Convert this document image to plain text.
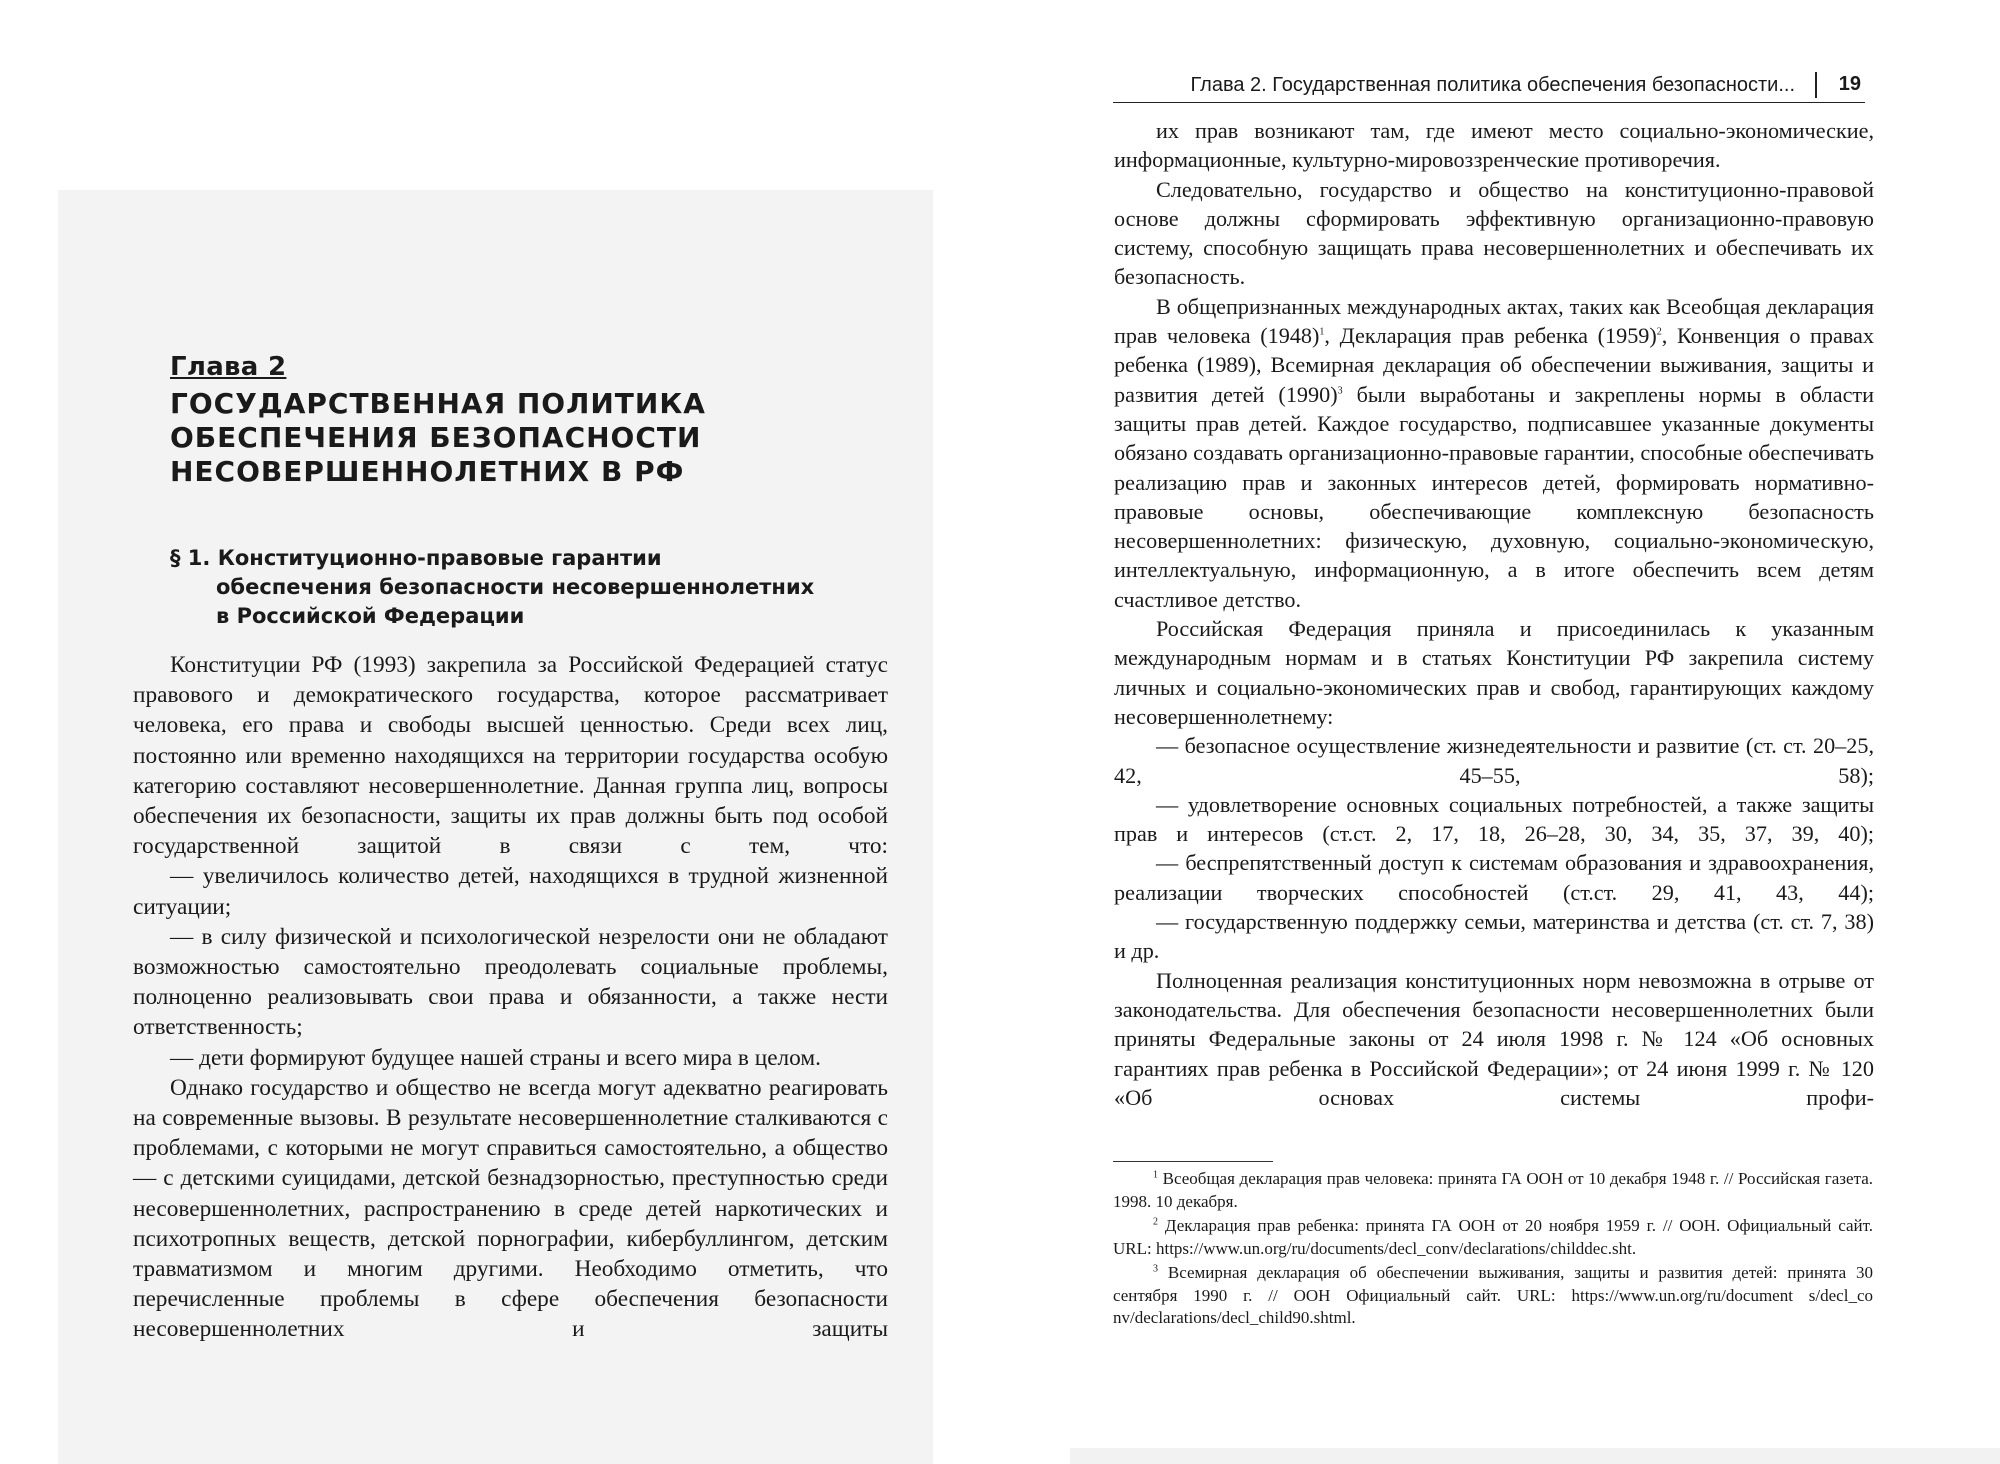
Глава 2
ГОСУДАРСТВЕННАЯ ПОЛИТИКА
ОБЕСПЕЧЕНИЯ БЕЗОПАСНОСТИ
НЕСОВЕРШЕННОЛЕТНИХ В РФ
§ 1. Конституционно-правовые гарантии
обеспечения безопасности несовершеннолетних
в Российской Федерации

Конституции РФ (1993) закрепила за Российской Федерацией статус правового и демократического государства, которое рассматривает человека, его права и свободы высшей ценностью. Среди всех лиц, постоянно или временно находящихся на территории государства особую категорию составляют несовершеннолетние. Данная группа лиц, вопросы обеспечения их безопасности, защиты их прав должны быть под особой государственной защитой в связи с тем, что:

— увеличилось количество детей, находящихся в трудной жизненной ситуации;

— в силу физической и психологической незрелости они не обладают возможностью самостоятельно преодолевать социальные проблемы, полноценно реализовывать свои права и обязанности, а также нести ответственность;

— дети формируют будущее нашей страны и всего мира в целом.

Однако государство и общество не всегда могут адекватно реагировать на современные вызовы. В результате несовершеннолетние сталкиваются с проблемами, с которыми не могут справиться самостоятельно, а общество — с детскими суицидами, детской безнадзорностью, преступностью среди несовершеннолетних, распространению в среде детей наркотических и психотропных веществ, детской порнографии, кибербуллингом, детским травматизмом и многим другими. Необходимо отметить, что перечисленные проблемы в сфере обеспечения безопасности несовершеннолетних и защиты

Глава 2. Государственная политика обеспечения безопасности... 19

их прав возникают там, где имеют место социально-экономические, информационные, культурно-мировоззренческие противоречия.

Следовательно, государство и общество на конституционно-правовой основе должны сформировать эффективную организационно-правовую систему, способную защищать права несовершеннолетних и обеспечивать их безопасность.

В общепризнанных международных актах, таких как Всеобщая декларация прав человека $(1948)^1$, Декларация прав ребенка $(1959)^2$, Конвенция о правах ребенка (1989), Всемирная декларация об обеспечении выживания, защиты и развития детей $(1990)^3$ были выработаны и закреплены нормы в области защиты прав детей. Каждое государство, подписавшее указанные документы обязано создавать организационно-правовые гарантии, способные обеспечивать реализацию прав и законных интересов детей, формировать нормативно-правовые основы, обеспечивающие комплексную безопасность несовершеннолетних: физическую, духовную, социально-экономическую, интеллектуальную, информационную, а в итоге обеспечить всем детям счастливое детство.

Российская Федерация приняла и присоединилась к указанным международным нормам и в статьях Конституции РФ закрепила систему личных и социально-экономических прав и свобод, гарантирующих каждому несовершеннолетнему:

— безопасное осуществление жизнедеятельности и развитие (ст. ст. 20–25, 42, 45–55, 58);

— удовлетворение основных социальных потребностей, а также защиты прав и интересов (ст.ст. 2, 17, 18, 26–28, 30, 34, 35, 37, 39, 40);

— беспрепятственный доступ к системам образования и здравоохранения, реализации творческих способностей (ст.ст. 29, 41, 43, 44);

— государственную поддержку семьи, материнства и детства (ст. ст. 7, 38) и др.

Полноценная реализация конституционных норм невозможна в отрыве от законодательства. Для обеспечения безопасности несовершеннолетних были приняты Федеральные законы от 24 июля 1998 г. № 124 «Об основных гарантиях прав ребенка в Российской Федерации»; от 24 июня 1999 г. № 120 «Об основах системы профи-

$^1$ Всеобщая декларация прав человека: принята ГА ООН от 10 декабря 1948 г. // Российская газета. 1998. 10 декабря.

$^2$ Декларация прав ребенка: принята ГА ООН от 20 ноября 1959 г. // ООН. Официальный сайт. URL: https://www.un.org/ru/documents/decl_conv/declarations/childdec.sht.

$^3$ Всемирная декларация об обеспечении выживания, защиты и развития детей: принята 30 сентября 1990 г. // ООН Официальный сайт. URL: https://www.un.org/ru/document s/decl_co nv/declarations/decl_child90.shtml.
